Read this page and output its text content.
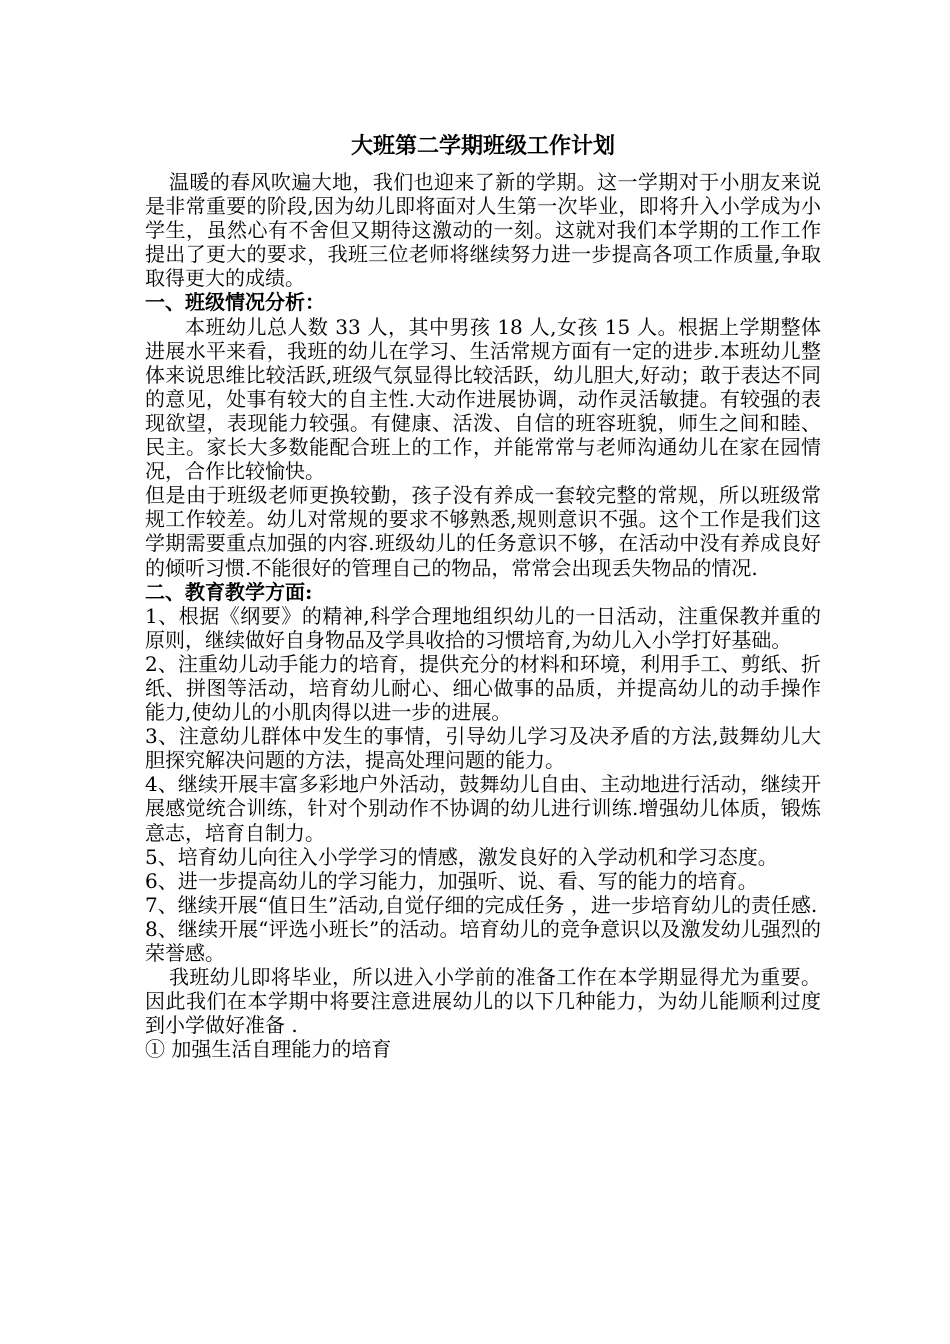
大班第二学期班级工作计划

温暖的春风吹遍大地，我们也迎来了新的学期。这一学期对于小朋友来说是非常重要的阶段,因为幼儿即将面对人生第一次毕业，即将升入小学成为小学生，虽然心有不舍但又期待这激动的一刻。这就对我们本学期的工作工作提出了更大的要求，我班三位老师将继续努力进一步提高各项工作质量,争取取得更大的成绩。

一、班级情况分析：

本班幼儿总人数 33 人，其中男孩 18 人,女孩 15 人。根据上学期整体进展水平来看，我班的幼儿在学习、生活常规方面有一定的进步.本班幼儿整体来说思维比较活跃,班级气氛显得比较活跃，幼儿胆大,好动；敢于表达不同的意见，处事有较大的自主性.大动作进展协调，动作灵活敏捷。有较强的表现欲望，表现能力较强。有健康、活泼、自信的班容班貌，师生之间和睦、民主。家长大多数能配合班上的工作，并能常常与老师沟通幼儿在家在园情况，合作比较愉快。

但是由于班级老师更换较勤，孩子没有养成一套较完整的常规，所以班级常规工作较差。幼儿对常规的要求不够熟悉,规则意识不强。这个工作是我们这学期需要重点加强的内容.班级幼儿的任务意识不够，在活动中没有养成良好的倾听习惯.不能很好的管理自己的物品，常常会出现丢失物品的情况.

二、教育教学方面:

1、根据《纲要》的精神,科学合理地组织幼儿的一日活动，注重保教并重的原则，继续做好自身物品及学具收拾的习惯培育,为幼儿入小学打好基础。

2、注重幼儿动手能力的培育，提供充分的材料和环境，利用手工、剪纸、折纸、拼图等活动，培育幼儿耐心、细心做事的品质，并提高幼儿的动手操作能力,使幼儿的小肌肉得以进一步的进展。

3、注意幼儿群体中发生的事情，引导幼儿学习及决矛盾的方法,鼓舞幼儿大胆探究解决问题的方法，提高处理问题的能力。

4、继续开展丰富多彩地户外活动，鼓舞幼儿自由、主动地进行活动，继续开展感觉统合训练，针对个别动作不协调的幼儿进行训练.增强幼儿体质，锻炼意志，培育自制力。

5、培育幼儿向往入小学学习的情感，激发良好的入学动机和学习态度。

6、进一步提高幼儿的学习能力，加强听、说、看、写的能力的培育。

7、继续开展“值日生”活动,自觉仔细的完成任务 ，进一步培育幼儿的责任感.

8、继续开展“评选小班长”的活动。培育幼儿的竞争意识以及激发幼儿强烈的荣誉感。

我班幼儿即将毕业，所以进入小学前的准备工作在本学期显得尤为重要。因此我们在本学期中将要注意进展幼儿的以下几种能力，为幼儿能顺利过度到小学做好准备 .

① 加强生活自理能力的培育
